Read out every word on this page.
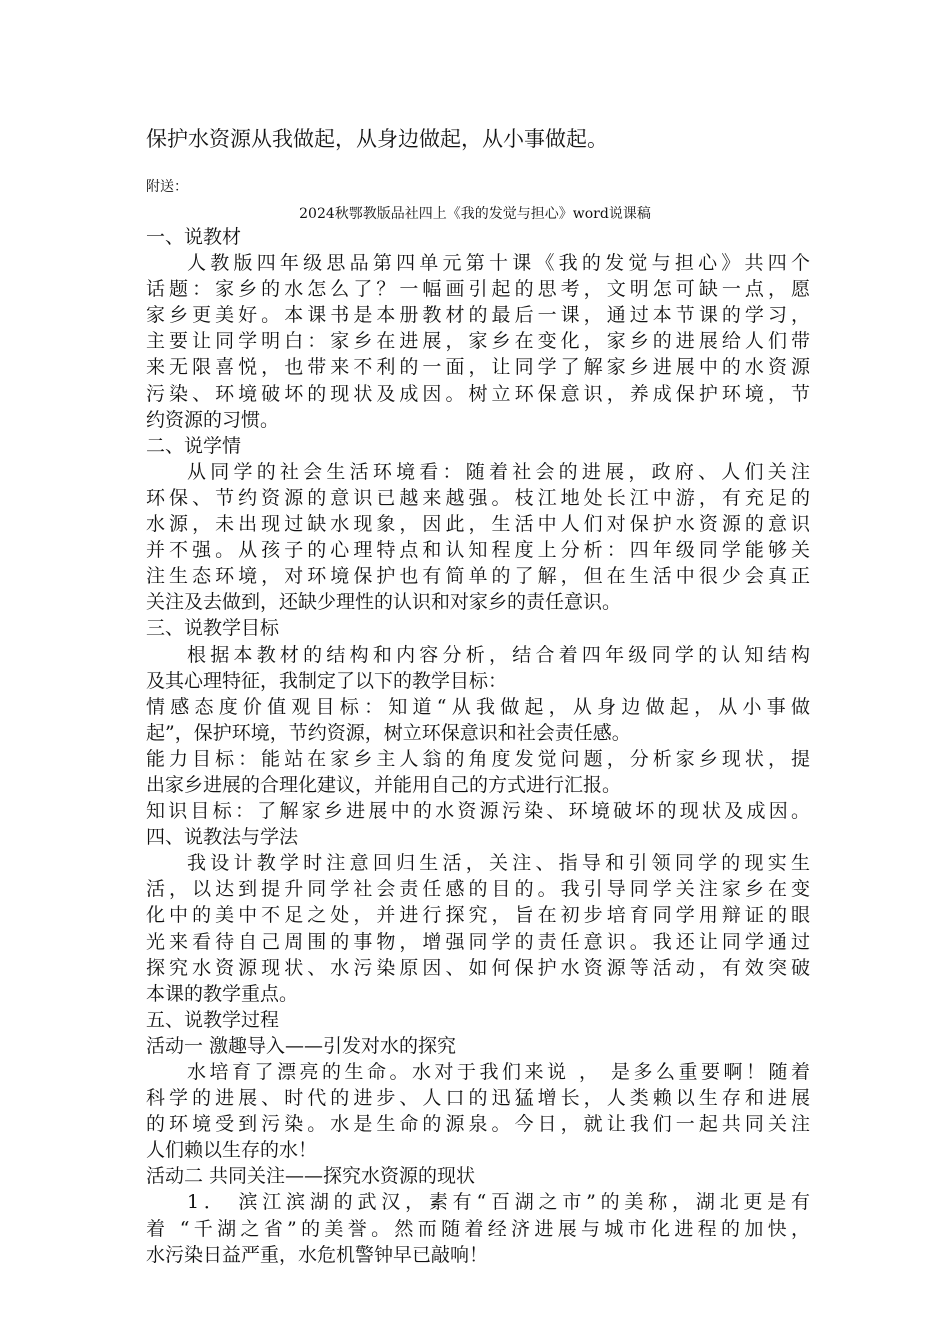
保护水资源从我做起，从身边做起，从小事做起。
附送：
2024秋鄂教版品社四上《我的发觉与担心》word说课稿
一、说教材
人教版四年级思品第四单元第十课《我的发觉与担心》共四个
话题：家乡的水怎么了？一幅画引起的思考，文明怎可缺一点，愿
家乡更美好。本课书是本册教材的最后一课，通过本节课的学习，
主要让同学明白：家乡在进展，家乡在变化，家乡的进展给人们带
来无限喜悦，也带来不利的一面，让同学了解家乡进展中的水资源
污染、环境破坏的现状及成因。树立环保意识，养成保护环境，节
约资源的习惯。
二、说学情
从同学的社会生活环境看：随着社会的进展，政府、人们关注
环保、节约资源的意识已越来越强。枝江地处长江中游，有充足的
水源，未出现过缺水现象，因此，生活中人们对保护水资源的意识
并不强。从孩子的心理特点和认知程度上分析：四年级同学能够关
注生态环境，对环境保护也有简单的了解，但在生活中很少会真正
关注及去做到，还缺少理性的认识和对家乡的责任意识。
三、说教学目标
根据本教材的结构和内容分析，结合着四年级同学的认知结构
及其心理特征，我制定了以下的教学目标：
情感态度价值观目标：知道“从我做起，从身边做起，从小事做
起”，保护环境，节约资源，树立环保意识和社会责任感。
能力目标：能站在家乡主人翁的角度发觉问题，分析家乡现状，提
出家乡进展的合理化建议，并能用自己的方式进行汇报。
知识目标：了解家乡进展中的水资源污染、环境破坏的现状及成因。
四、说教法与学法
我设计教学时注意回归生活，关注、指导和引领同学的现实生
活，以达到提升同学社会责任感的目的。我引导同学关注家乡在变
化中的美中不足之处，并进行探究，旨在初步培育同学用辩证的眼
光来看待自己周围的事物，增强同学的责任意识。我还让同学通过
探究水资源现状、水污染原因、如何保护水资源等活动，有效突破
本课的教学重点。
五、说教学过程
活动一 激趣导入——引发对水的探究
水培育了漂亮的生命。水对于我们来说 ， 是多么重要啊！随着
科学的进展、时代的进步、人口的迅猛增长，人类赖以生存和进展
的环境受到污染。水是生命的源泉。今日，就让我们一起共同关注
人们赖以生存的水！
活动二 共同关注——探究水资源的现状
1． 滨江滨湖的武汉，素有“百湖之市”的美称，湖北更是有
着 “千湖之省”的美誉。然而随着经济进展与城市化进程的加快，
水污染日益严重，水危机警钟早已敲响！
